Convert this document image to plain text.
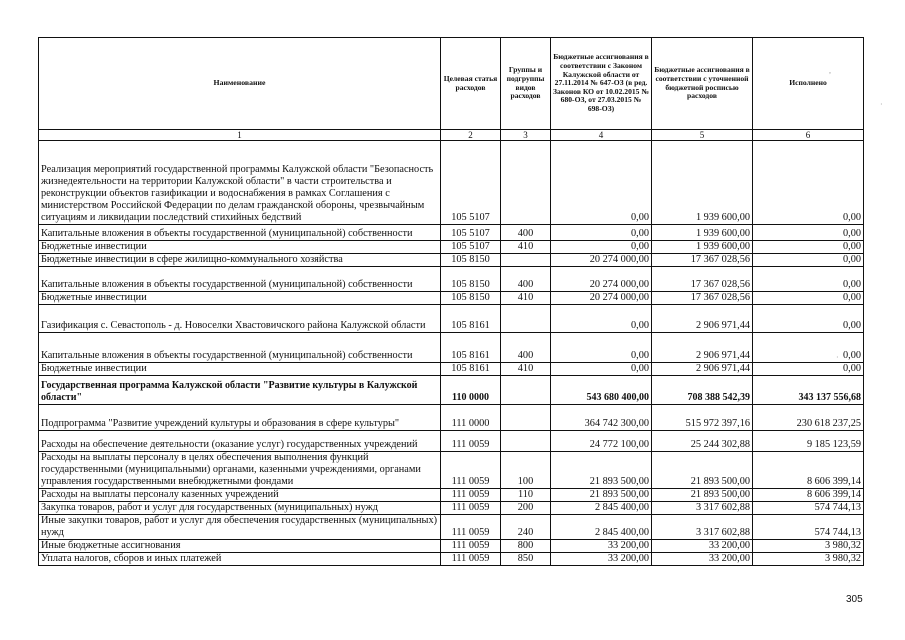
Наименование	Целевая статья расходов	Группы и подгруппы видов расходов	Бюджетные ассигнования в соответствии с Законом Калужской области от 27.11.2014 № 647-ОЗ (в ред. Законов КО от 10.02.2015 № 680-ОЗ, от 27.03.2015 № 698-ОЗ)	Бюджетные ассигнования в соответствии с уточненной бюджетной росписью расходов	Исполнено
1	2	3	4	5	6
Реализация мероприятий государственной программы Калужской области "Безопасность жизнедеятельности на территории Калужской области" в части строительства и реконструкции объектов газификации и водоснабжения в рамках Соглашения с министерством Российской Федерации по делам гражданской обороны, чрезвычайным ситуациям и ликвидации последствий стихийных бедствий	105 5107		0,00	1 939 600,00	0,00
Капитальные вложения в объекты государственной (муниципальной) собственности	105 5107	400	0,00	1 939 600,00	0,00
Бюджетные инвестиции	105 5107	410	0,00	1 939 600,00	0,00
Бюджетные инвестиции в сфере жилищно-коммунального хозяйства	105 8150		20 274 000,00	17 367 028,56	0,00
Капитальные вложения в объекты государственной (муниципальной) собственности	105 8150	400	20 274 000,00	17 367 028,56	0,00
Бюджетные инвестиции	105 8150	410	20 274 000,00	17 367 028,56	0,00
Газификация с. Севастополь - д. Новоселки Хвастовичского района Калужской области	105 8161		0,00	2 906 971,44	0,00
Капитальные вложения в объекты государственной (муниципальной) собственности	105 8161	400	0,00	2 906 971,44	0,00
Бюджетные инвестиции	105 8161	410	0,00	2 906 971,44	0,00
Государственная программа Калужской области "Развитие культуры в Калужской области"	110 0000		543 680 400,00	708 388 542,39	343 137 556,68
Подпрограмма "Развитие учреждений культуры и образования в сфере культуры"	111 0000		364 742 300,00	515 972 397,16	230 618 237,25
Расходы на обеспечение деятельности (оказание услуг) государственных учреждений	111 0059		24 772 100,00	25 244 302,88	9 185 123,59
Расходы на выплаты персоналу в целях обеспечения выполнения функций государственными (муниципальными) органами, казенными учреждениями, органами управления государственными внебюджетными фондами	111 0059	100	21 893 500,00	21 893 500,00	8 606 399,14
Расходы на выплаты персоналу казенных учреждений	111 0059	110	21 893 500,00	21 893 500,00	8 606 399,14
Закупка товаров, работ и услуг для государственных (муниципальных) нужд	111 0059	200	2 845 400,00	3 317 602,88	574 744,13
Иные закупки товаров, работ и услуг для обеспечения государственных (муниципальных) нужд	111 0059	240	2 845 400,00	3 317 602,88	574 744,13
Иные бюджетные ассигнования	111 0059	800	33 200,00	33 200,00	3 980,32
Уплата налогов, сборов и иных платежей	111 0059	850	33 200,00	33 200,00	3 980,32
305
,
·
·
